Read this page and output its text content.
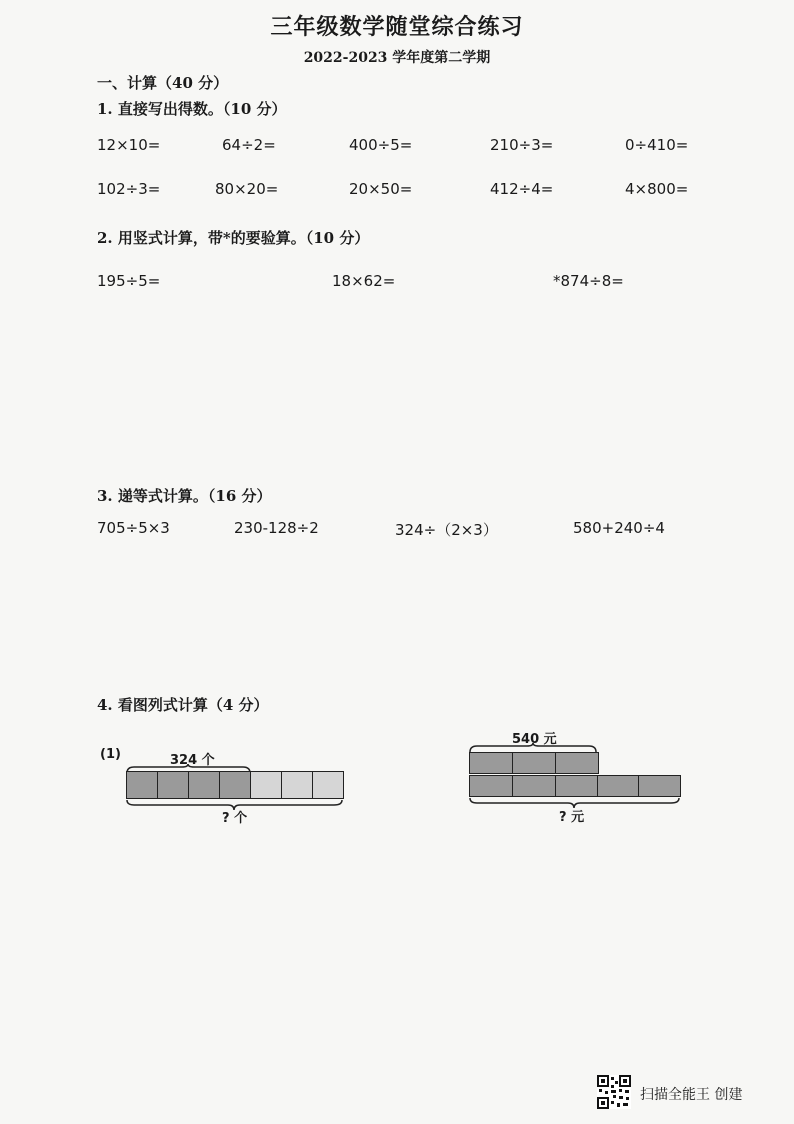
三年级数学随堂综合练习
2022-2023 学年度第二学期
一、计算（40 分）
1. 直接写出得数。（10 分）
12×10=	64÷2=	400÷5=	210÷3=	0÷410=
102÷3=	80×20=	20×50=	412÷4=	4×800=
2. 用竖式计算，带*的要验算。（10 分）
195÷5=	18×62=	*874÷8=
3. 递等式计算。（16 分）
705÷5×3	230-128÷2	324÷（2×3）	580+240÷4
4. 看图列式计算（4 分）
(1)	324 个
? 个
540 元
? 元
扫描全能王 创建
